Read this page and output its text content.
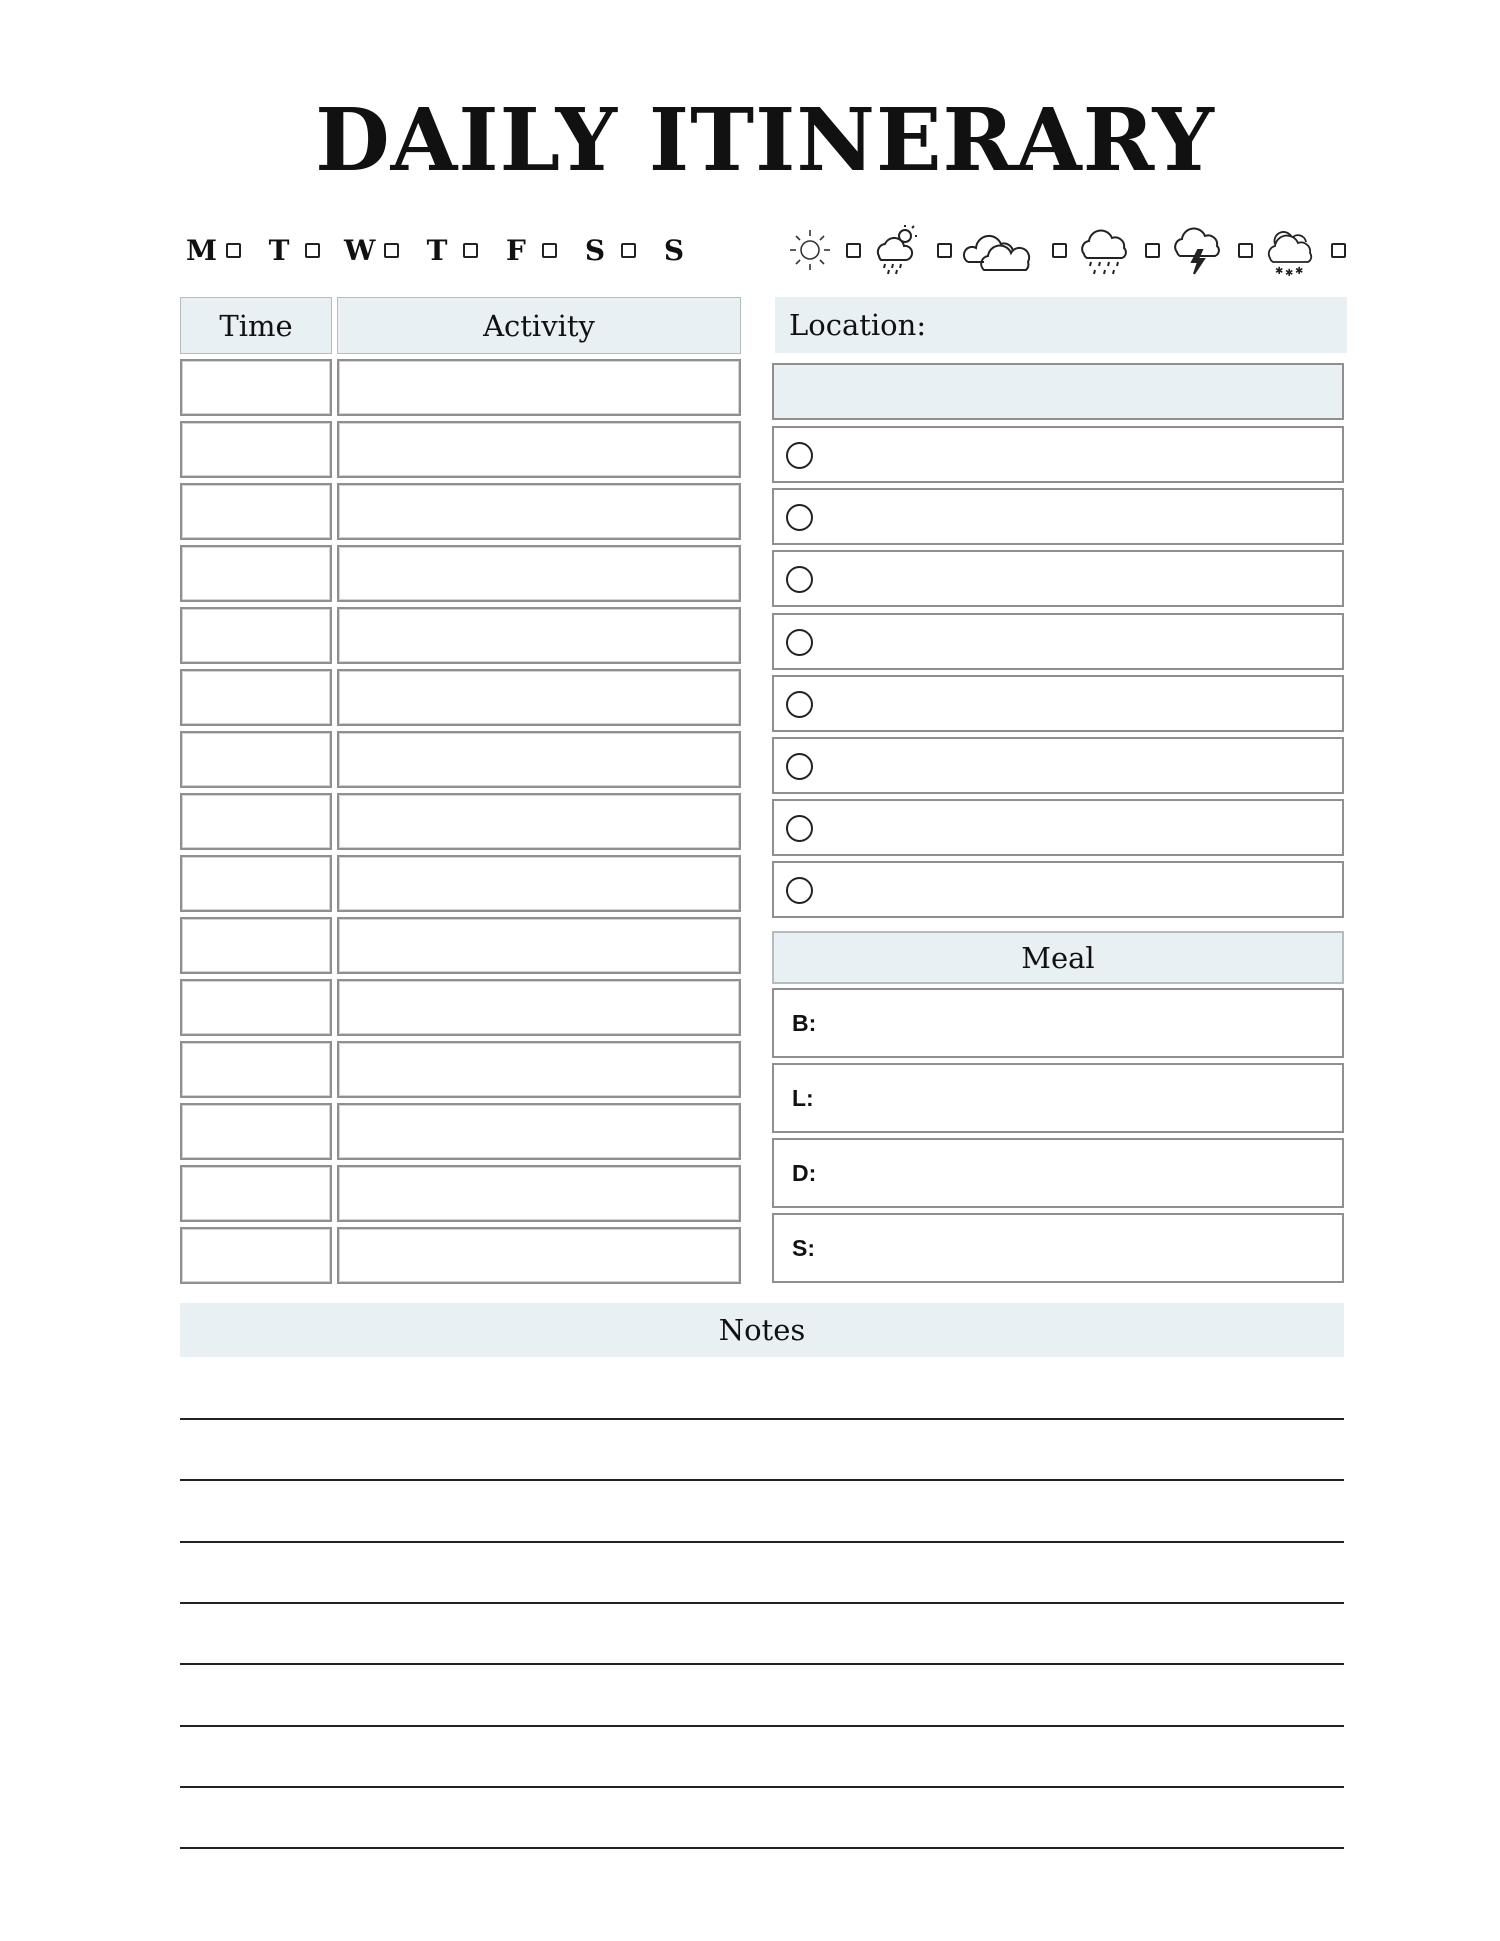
DAILY ITINERARY
M T W T F S S
✱ ✱ ✱
Time	Activity	Location:
Meal
B:
L:
D:
S:
Notes
